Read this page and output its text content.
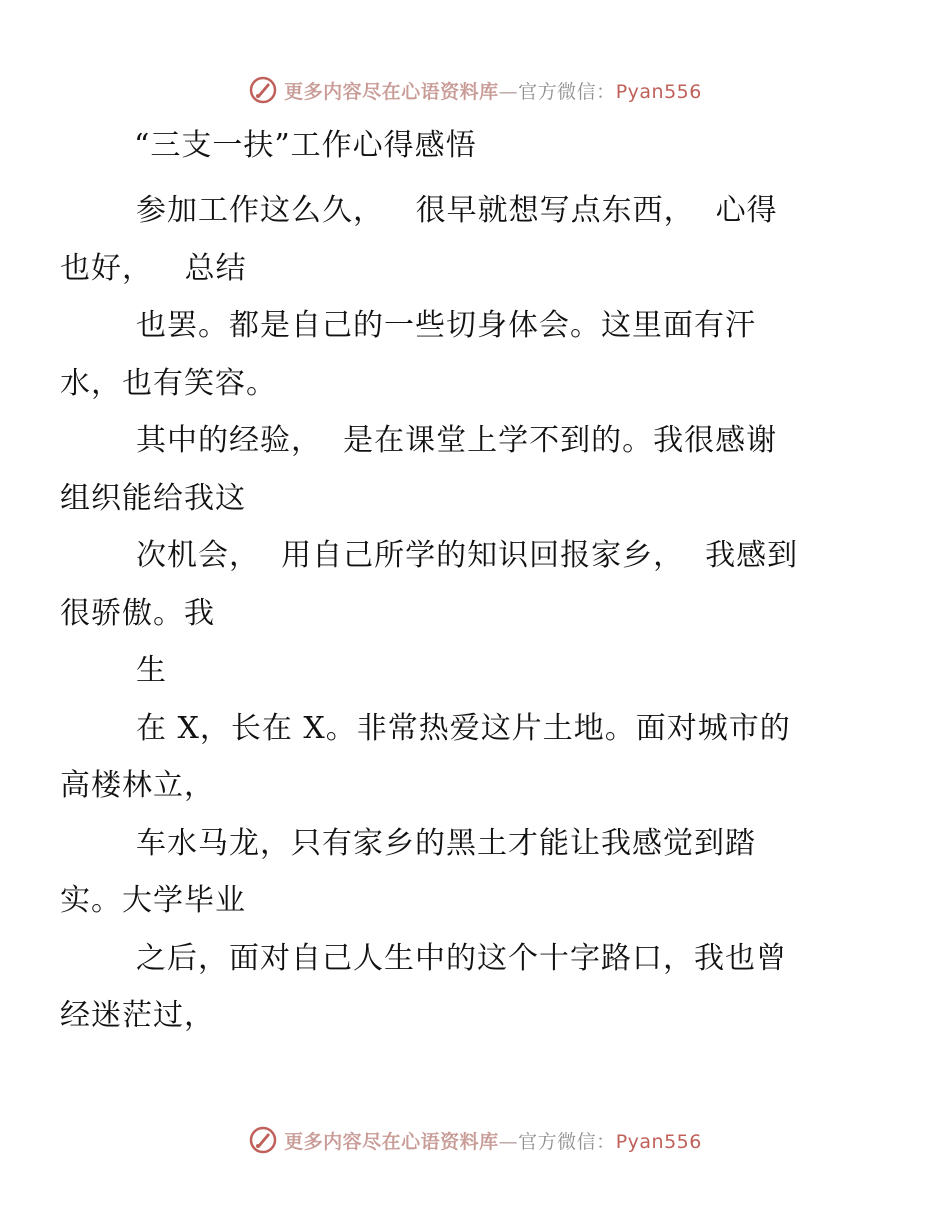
更多内容尽在心语资料库—官方微信：Pyan556
“三支一扶”工作心得感悟

参加工作这么久，   很早就想写点东西，  心得
也好，   总结

也罢。都是自己的一些切身体会。这里面有汗
水，也有笑容。

其中的经验，  是在课堂上学不到的。我很感谢
组织能给我这

次机会，  用自己所学的知识回报家乡，  我感到
很骄傲。我

生

在 X，长在 X。非常热爱这片土地。面对城市的
高楼林立，

车水马龙，只有家乡的黑土才能让我感觉到踏
实。大学毕业

之后，面对自己人生中的这个十字路口，我也曾
经迷茫过，

更多内容尽在心语资料库—官方微信：Pyan556
